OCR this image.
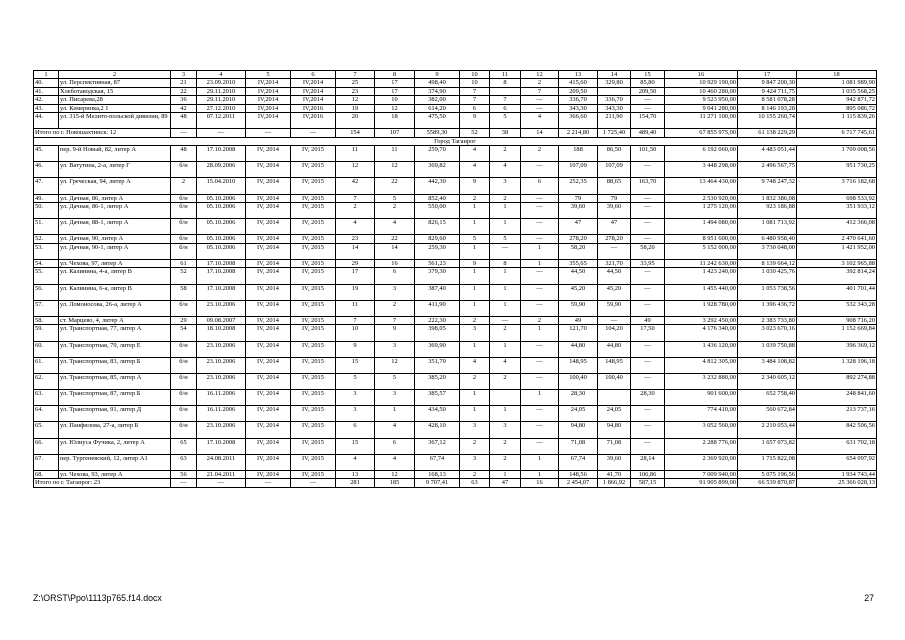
1	2	3	4	5	6	7	8	9	10	11	12	13	14	15	16	17	18
40.	ул. Перспективная, 87	21	23.09.2010	IV,2014	IV,2014	25	17	498,40	10	8	2	415,60	329,80	85,80	10 929 190,00	9 847 200,30	1 081 989,90
41.	Хлеботаводская, 15	22	29.11.2010	IV,2014	IV,2014	23	17	374,90	7		7	209,50		209,50	10 460 280,00	9 424 711,75	1 035 568,25
42.	ул. Писарева,28	36	29.11.2010	IV,2014	IV,2014	12	10	382,00	7	7	—	336,70	336,70	—	9 523 950,00	8 581 078,28	942 871,72
43.	ул. Кемерипка,2 1	42	27.12.2010	IV,2014	IV,2016	19	12	614,20	6	6	—	343,30	343,30	—	9 041 280,00	8 146 193,28	895 086,72
44.	ул. 315-й Мелито-польской дивизии, 89	48	07.12.2011	IV,2014	IV,2016	20	18	475,50	9	5	4	366,60	211,90	154,70	11 271 100,00	10 155 260,74	1 115 839,26
Итого по г. Новошахтинск: 12		—	—	—	—	154	107	5589,30	52	38	14	2 214,80	1 725,40	489,40	67 855 975,00	61 138 229,29	6 717 745,61
Город Таганрог																	
45.	пер. 9-й Новый, 82, литер А	48	17.10.2008	IV, 2014	IV, 2015	11	11	259,70	4	2	2	188	86,50	101,50	6 192 060,00	4 483 051,44	1 709 008,56
46.	ул. Ватутина, 2-а, литер Г	б/н	28.09.2006	IV, 2014	IV, 2015	12	12	369,82	4	4	—	107,09	107,09	—	3 448 298,00	2 496 567,75	951 730,25
47.	ул. Греческая, 94, литер А	2	15.04.2010	IV, 2014	IV, 2015	42	22	442,30	9	3	6	252,35	88,65	163,70	13 464 430,00	9 748 247,32	3 716 182,68
49.	ул. Дачная, 86, литер А	б/н	05.10.2006	IV, 2014	IV, 2015	7	5	852,40	2	2	—	79	79	—	2 530 920,00	1 832 386,08	698 533,92
50.	ул. Дачная, 86-1, литер А	б/н	05.10.2006	IV, 2014	IV, 2015	2	2	550,00	1	1	—	39,60	39,60	—	1 275 120,00	923 186,88	351 933,12
51.	ул. Дачная, 88-1, литер А	б/н	05.10.2006	IV, 2014	IV, 2015	4	4	826,15	1	1	—	47	47	—	1 494 080,00	1 081 713,92	412 366,08
52.	ул. Дачная, 90, литер А	б/н	05.10.2006	IV, 2014	IV, 2015	23	22	829,60	5	5	—	278,20	278,20	—	8 951 600,00	6 480 958,40	2 470 641,60
53.	ул. Дачная, 90-1, литер А	б/н	05.10.2006	IV, 2014	IV, 2015	14	14	259,30	1	—	1	58,20	—	58,20	5 152 000,00	3 730 048,00	1 421 952,00
54.	ул. Чехова, 97, литер А	61	17.10.2008	IV, 2014	IV, 2015	29	16	561,23	9	8	1	355,65	321,70	33,95	11 242 630,00	8 139 664,12	3 102 965,88
55.	ул. Калинина, 4-а, литер В	52	17.10.2008	IV, 2014	IV, 2015	17	6	379,30	1	1	—	44,50	44,50	—	1 423 240,00	1 030 425,76	392 814,24
56.	ул. Калинина, 6-а, литер В	58	17.10.2008	IV, 2014	IV, 2015	19	3	387,40	1	1	—	45,20	45,20	—	1 455 440,00	1 053 738,56	401 701,44
57.	ул. Ломоносова, 26-а, литер А	б/н	23.10.2006	IV, 2014	IV, 2015	11	2	411,90	1	1	—	59,90	59,90	—	1 928 780,00	1 396 436,72	532 343,28
58.	ст. Марцево, 4, литер А	29	09.08.2007	IV, 2014	IV, 2015	7	7	222,30	2	—	2	49	—	49	3 292 450,00	2 383 733,80	908 716,20
59.	ул. Транспортная, 77, литер А	54	18.10.2008	IV, 2014	IV, 2015	10	9	398,05	3	2	1	121,70	104,20	17,50	4 176 340,00	3 023 670,16	1 152 669,84
60.	ул. Транспортная, 79, литер Е	б/н	23.10.2006	IV, 2014	IV, 2015	9	3	369,90	1	1	—	44,80	44,80	—	1 436 120,00	1 039 750,88	396 369,12
61.	ул. Транспортная, 83, литер Б	б/н	23.10.2006	IV, 2014	IV, 2015	15	12	351,70	4	4	—	148,95	148,95	—	4 812 305,00	3 484 108,82	1 328 196,18
62.	ул. Транспортная, 85, литер А	б/н	23.10.2006	IV, 2014	IV, 2015	5	5	385,20	2	2	—	100,40	100,40	—	3 232 880,00	2 340 605,12	892 274,88
63.	ул. Транспортная, 87, литер Б	б/н	16.11.2006	IV, 2014	IV, 2015	3	3	385,57	1		1	28,30		28,30	901 600,00	652 758,40	248 841,60
64.	ул. Транспортная, 91, литер Д	б/н	16.11.2006	IV, 2014	IV, 2015	3	1	434,50	1	1	—	24,05	24,05	—	774 410,00	560 672,84	213 737,16
65.	ул. Панфилова, 27-а, литер Б	б/н	23.10.2006	IV, 2014	IV, 2015	6	4	428,10	3	3	—	94,80	94,80	—	3 052 560,00	2 210 053,44	842 506,56
66.	ул. Юлиуса Фучика, 2, литер А	65	17.10.2008	IV, 2014	IV, 2015	15	6	367,12	2	2	—	71,08	71,08	—	2 288 776,00	1 657 073,82	631 702,18
67.	пер. Тургеневский, 12, литер А1	63	24.08.2011	IV, 2014	IV, 2015	4	4	67,74	3	2	1	67,74	39,60	28,14	2 369 920,00	1 715 822,08	654 097,92
68.	ул. Чехова, 93, литер А	56	21.04.2011	IV, 2014	IV, 2015	13	12	168,13	2	1	1	148,56	41,70	106,86	7 009 940,00	5 075 196,56	1 934 743,44
Итого по г. Таганрог: 23		—	—	—	—	281	185	9 707,41	63	47	16	2 454,07	1 866,92	587,15	91 905 899,00	66 539 870,87	25 366 028,13
Z:\ORST\Ppo\1113p765.f14.docx	27
